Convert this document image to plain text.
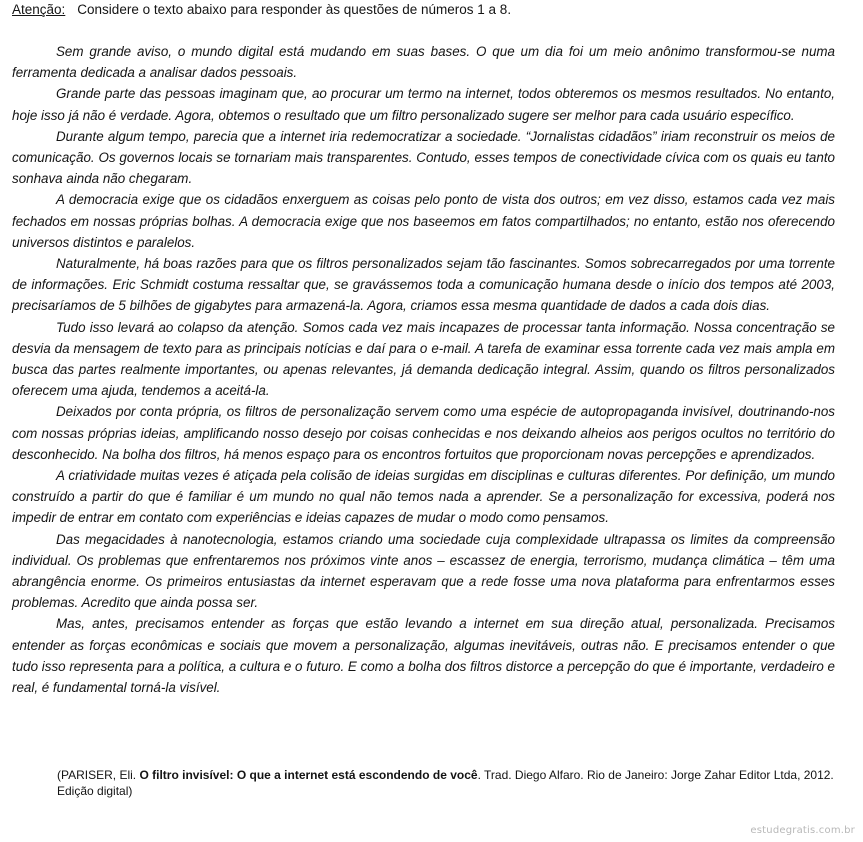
Atenção: Considere o texto abaixo para responder às questões de números 1 a 8.

Sem grande aviso, o mundo digital está mudando em suas bases. O que um dia foi um meio anônimo transformou-se numa ferramenta dedicada a analisar dados pessoais.

Grande parte das pessoas imaginam que, ao procurar um termo na internet, todos obteremos os mesmos resultados. No entanto, hoje isso já não é verdade. Agora, obtemos o resultado que um filtro personalizado sugere ser melhor para cada usuário específico.

Durante algum tempo, parecia que a internet iria redemocratizar a sociedade. “Jornalistas cidadãos” iriam reconstruir os meios de comunicação. Os governos locais se tornariam mais transparentes. Contudo, esses tempos de conectividade cívica com os quais eu tanto sonhava ainda não chegaram.

A democracia exige que os cidadãos enxerguem as coisas pelo ponto de vista dos outros; em vez disso, estamos cada vez mais fechados em nossas próprias bolhas. A democracia exige que nos baseemos em fatos compartilhados; no entanto, estão nos oferecendo universos distintos e paralelos.

Naturalmente, há boas razões para que os filtros personalizados sejam tão fascinantes. Somos sobrecarregados por uma torrente de informações. Eric Schmidt costuma ressaltar que, se gravássemos toda a comunicação humana desde o início dos tempos até 2003, precisaríamos de 5 bilhões de gigabytes para armazená-la. Agora, criamos essa mesma quantidade de dados a cada dois dias.

Tudo isso levará ao colapso da atenção. Somos cada vez mais incapazes de processar tanta informação. Nossa concentração se desvia da mensagem de texto para as principais notícias e daí para o e-mail. A tarefa de examinar essa torrente cada vez mais ampla em busca das partes realmente importantes, ou apenas relevantes, já demanda dedicação integral. Assim, quando os filtros personalizados oferecem uma ajuda, tendemos a aceitá-la.

Deixados por conta própria, os filtros de personalização servem como uma espécie de autopropaganda invisível, doutrinando-nos com nossas próprias ideias, amplificando nosso desejo por coisas conhecidas e nos deixando alheios aos perigos ocultos no território do desconhecido. Na bolha dos filtros, há menos espaço para os encontros fortuitos que proporcionam novas percepções e aprendizados.

A criatividade muitas vezes é atiçada pela colisão de ideias surgidas em disciplinas e culturas diferentes. Por definição, um mundo construído a partir do que é familiar é um mundo no qual não temos nada a aprender. Se a personalização for excessiva, poderá nos impedir de entrar em contato com experiências e ideias capazes de mudar o modo como pensamos.

Das megacidades à nanotecnologia, estamos criando uma sociedade cuja complexidade ultrapassa os limites da compreensão individual. Os problemas que enfrentaremos nos próximos vinte anos – escassez de energia, terrorismo, mudança climática – têm uma abrangência enorme. Os primeiros entusiastas da internet esperavam que a rede fosse uma nova plataforma para enfrentarmos esses problemas. Acredito que ainda possa ser.

Mas, antes, precisamos entender as forças que estão levando a internet em sua direção atual, personalizada. Precisamos entender as forças econômicas e sociais que movem a personalização, algumas inevitáveis, outras não. E precisamos entender o que tudo isso representa para a política, a cultura e o futuro. E como a bolha dos filtros distorce a percepção do que é importante, verdadeiro e real, é fundamental torná-la visível.

(PARISER, Eli. O filtro invisível: O que a internet está escondendo de você. Trad. Diego Alfaro. Rio de Janeiro: Jorge Zahar Editor Ltda, 2012. Edição digital)
estudegratis.com.br
